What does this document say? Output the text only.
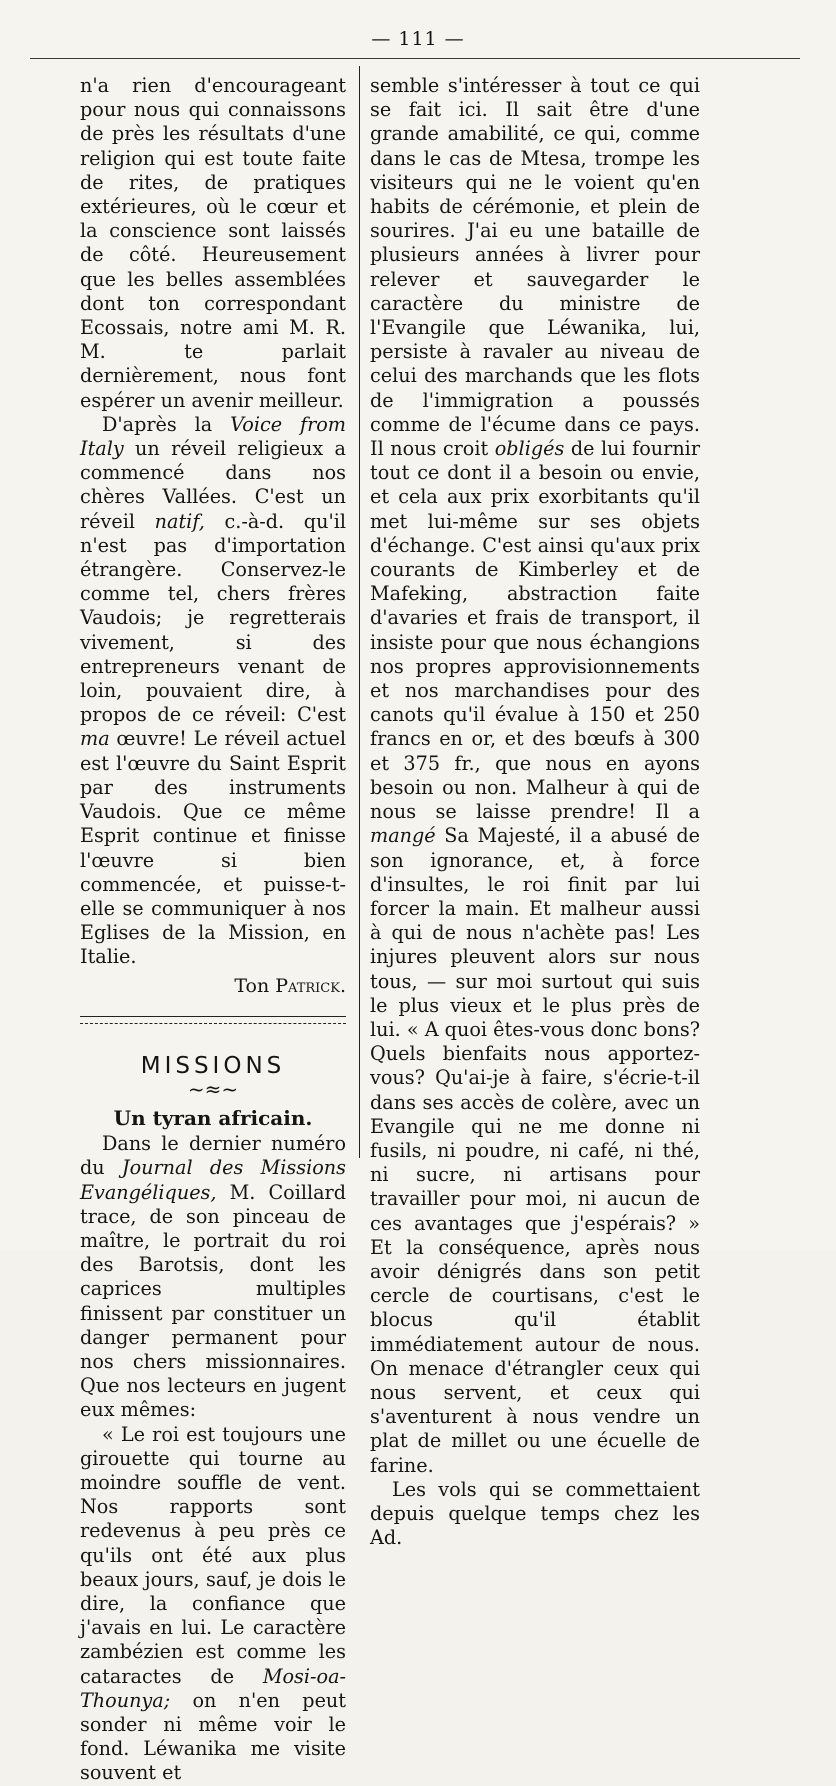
— 111 —

n'a rien d'encourageant pour nous qui connaissons de près les résultats d'une religion qui est toute faite de rites, de pratiques extérieures, où le cœur et la conscience sont laissés de côté. Heureusement que les belles assemblées dont ton correspondant Ecossais, notre ami M. R. M. te parlait dernièrement, nous font espérer un avenir meilleur.

D'après la Voice from Italy un réveil religieux a commencé dans nos chères Vallées. C'est un réveil natif, c.-à-d. qu'il n'est pas d'importation étrangère. Conservez-le comme tel, chers frères Vaudois; je regretterais vivement, si des entrepreneurs venant de loin, pouvaient dire, à propos de ce réveil: C'est ma œuvre! Le réveil actuel est l'œuvre du Saint Esprit par des instruments Vaudois. Que ce même Esprit continue et finisse l'œuvre si bien commencée, et puisse-t-elle se communiquer à nos Eglises de la Mission, en Italie.

Ton Patrick.
MISSIONS
~≈~
Un tyran africain.

Dans le dernier numéro du Journal des Missions Evangéliques, M. Coillard trace, de son pinceau de maître, le portrait du roi des Barotsis, dont les caprices multiples finissent par constituer un danger permanent pour nos chers missionnaires. Que nos lecteurs en jugent eux mêmes:

« Le roi est toujours une girouette qui tourne au moindre souffle de vent. Nos rapports sont redevenus à peu près ce qu'ils ont été aux plus beaux jours, sauf, je dois le dire, la confiance que j'avais en lui. Le caractère zambézien est comme les cataractes de Mosi-oa-Thounya; on n'en peut sonder ni même voir le fond. Léwanika me visite souvent et

semble s'intéresser à tout ce qui se fait ici. Il sait être d'une grande amabilité, ce qui, comme dans le cas de Mtesa, trompe les visiteurs qui ne le voient qu'en habits de cérémonie, et plein de sourires. J'ai eu une bataille de plusieurs années à livrer pour relever et sauvegarder le caractère du ministre de l'Evangile que Léwanika, lui, persiste à ravaler au niveau de celui des marchands que les flots de l'immigration a poussés comme de l'écume dans ce pays. Il nous croit obligés de lui fournir tout ce dont il a besoin ou envie, et cela aux prix exorbitants qu'il met lui-même sur ses objets d'échange. C'est ainsi qu'aux prix courants de Kimberley et de Mafeking, abstraction faite d'avaries et frais de transport, il insiste pour que nous échangions nos propres approvisionnements et nos marchandises pour des canots qu'il évalue à 150 et 250 francs en or, et des bœufs à 300 et 375 fr., que nous en ayons besoin ou non. Malheur à qui de nous se laisse prendre! Il a mangé Sa Majesté, il a abusé de son ignorance, et, à force d'insultes, le roi finit par lui forcer la main. Et malheur aussi à qui de nous n'achète pas! Les injures pleuvent alors sur nous tous, — sur moi surtout qui suis le plus vieux et le plus près de lui. « A quoi êtes-vous donc bons? Quels bienfaits nous apportez-vous? Qu'ai-je à faire, s'écrie-t-il dans ses accès de colère, avec un Evangile qui ne me donne ni fusils, ni poudre, ni café, ni thé, ni sucre, ni artisans pour travailler pour moi, ni aucun de ces avantages que j'espérais? » Et la conséquence, après nous avoir dénigrés dans son petit cercle de courtisans, c'est le blocus qu'il établit immédiatement autour de nous. On menace d'étrangler ceux qui nous servent, et ceux qui s'aventurent à nous vendre un plat de millet ou une écuelle de farine.

Les vols qui se commettaient depuis quelque temps chez les Ad.
